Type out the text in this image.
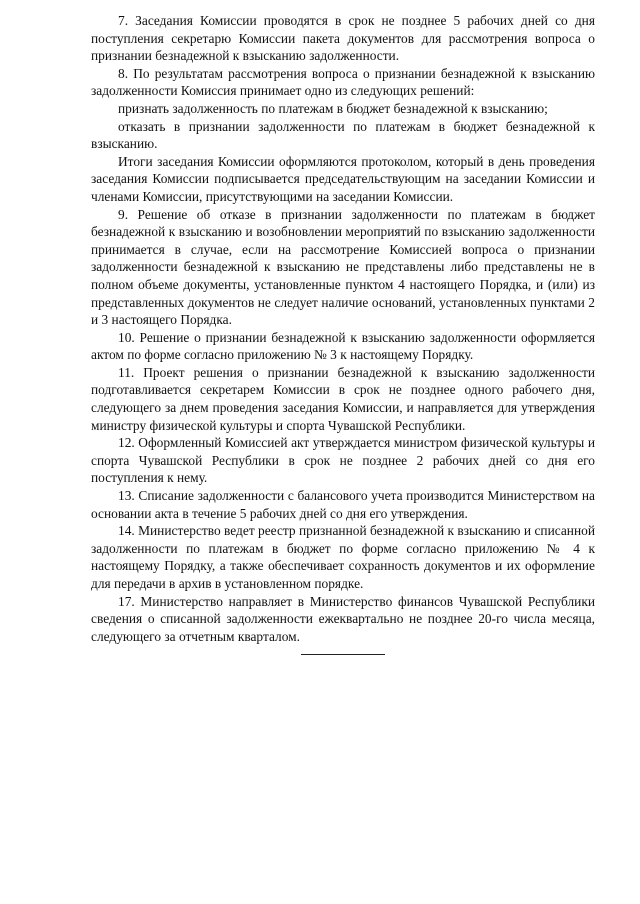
7. Заседания Комиссии проводятся в срок не позднее 5 рабочих дней со дня поступления секретарю Комиссии пакета документов для рассмотрения вопроса о признании безнадежной к взысканию задолженности.

8. По результатам рассмотрения вопроса о признании безнадежной к взысканию задолженности Комиссия принимает одно из следующих решений:

признать задолженность по платежам в бюджет безнадежной к взысканию;

отказать в признании задолженности по платежам в бюджет безнадежной к взысканию.

Итоги заседания Комиссии оформляются протоколом, который в день проведения заседания Комиссии подписывается председательствующим на заседании Комиссии и членами Комиссии, присутствующими на заседании Комиссии.

9. Решение об отказе в признании задолженности по платежам в бюджет безнадежной к взысканию и возобновлении мероприятий по взысканию задолженности принимается в случае, если на рассмотрение Комиссией вопроса о признании задолженности безнадежной к взысканию не представлены либо представлены не в полном объеме документы, установленные пунктом 4 настоящего Порядка, и (или) из представленных документов не следует наличие оснований, установленных пунктами 2 и 3 настоящего Порядка.

10. Решение о признании безнадежной к взысканию задолженности оформляется актом по форме согласно приложению № 3 к настоящему Порядку.

11. Проект решения о признании безнадежной к взысканию задолженности подготавливается секретарем Комиссии в срок не позднее одного рабочего дня, следующего за днем проведения заседания Комиссии, и направляется для утверждения министру физической культуры и спорта Чувашской Республики.

12. Оформленный Комиссией акт утверждается министром физической культуры и спорта Чувашской Республики в срок не позднее 2 рабочих дней со дня его поступления к нему.

13. Списание задолженности с балансового учета производится Министерством на основании акта в течение 5 рабочих дней со дня его утверждения.

14. Министерство ведет реестр признанной безнадежной к взысканию и списанной задолженности по платежам в бюджет по форме согласно приложению № 4 к настоящему Порядку, а также обеспечивает сохранность документов и их оформление для передачи в архив в установленном порядке.

17. Министерство направляет в Министерство финансов Чувашской Республики сведения о списанной задолженности ежеквартально не позднее 20-го числа месяца, следующего за отчетным кварталом.
